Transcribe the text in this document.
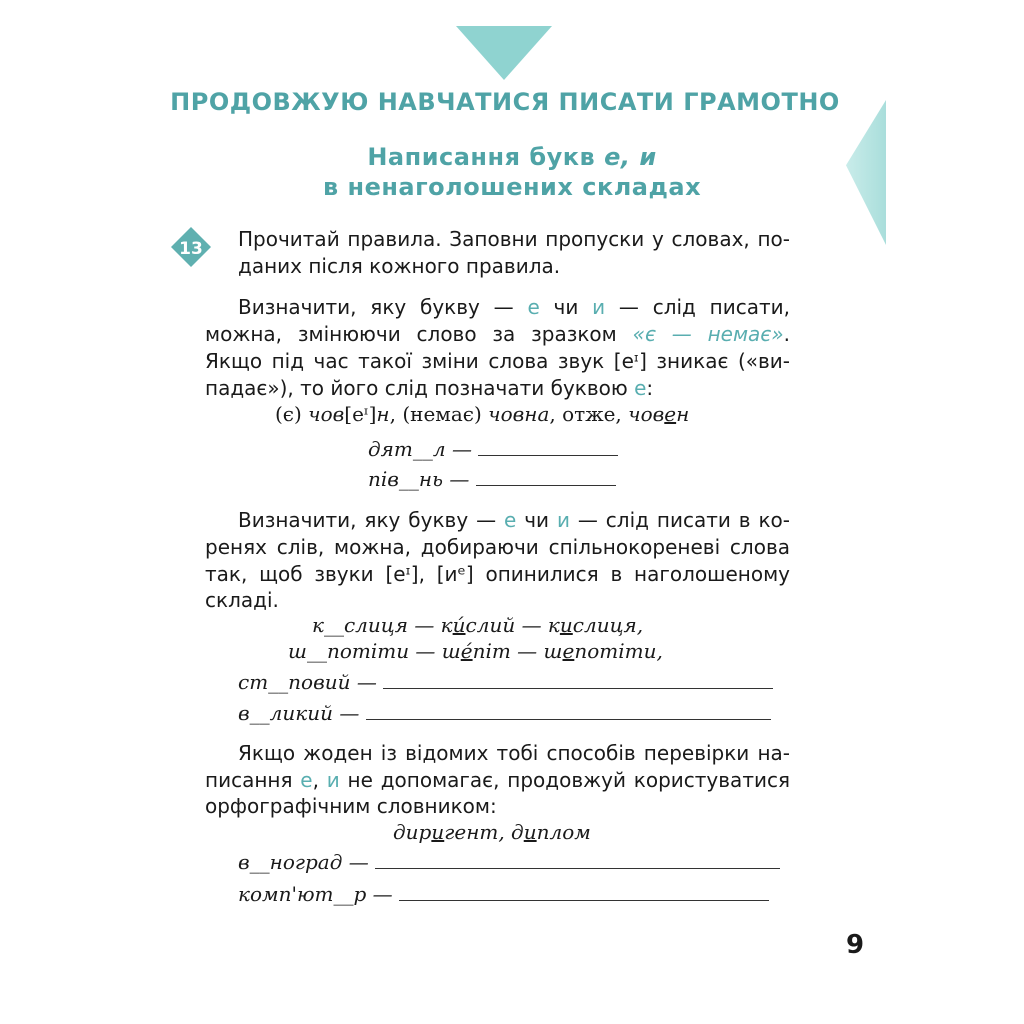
ПРОДОВЖУЮ НАВЧАТИСЯ ПИСАТИ ГРАМОТНО
Написання букв е, и
в ненаголошених складах
13 Прочитай правила. Заповни пропуски у словах, по-
даних після кожного правила.
Визначити, яку букву — е чи и — слід писати,
можна, змінюючи слово за зразком «є — немає».
Якщо під час такої зміни слова звук [еᶦ] зникає («ви-
падає»), то його слід позначати буквою е:
(є) чов[еᶦ]н, (немає) човна, отже, човен
дят__л —
пів__нь —
Визначити, яку букву — е чи и — слід писати в ко-
ренях слів, можна, добираючи спільнокореневі слова
так, щоб звуки [еᶦ], [иᵉ] опинилися в наголошеному
складі.
к__слиця — ки́слий — кислиця,
ш__потіти — ше́піт — шепотіти,
ст__повий —
в__ликий —
Якщо жоден із відомих тобі способів перевірки на-
писання е, и не допомагає, продовжуй користуватися
орфографічним словником:
диригент, диплом
в__ноград —
комп'ют__р —
9
